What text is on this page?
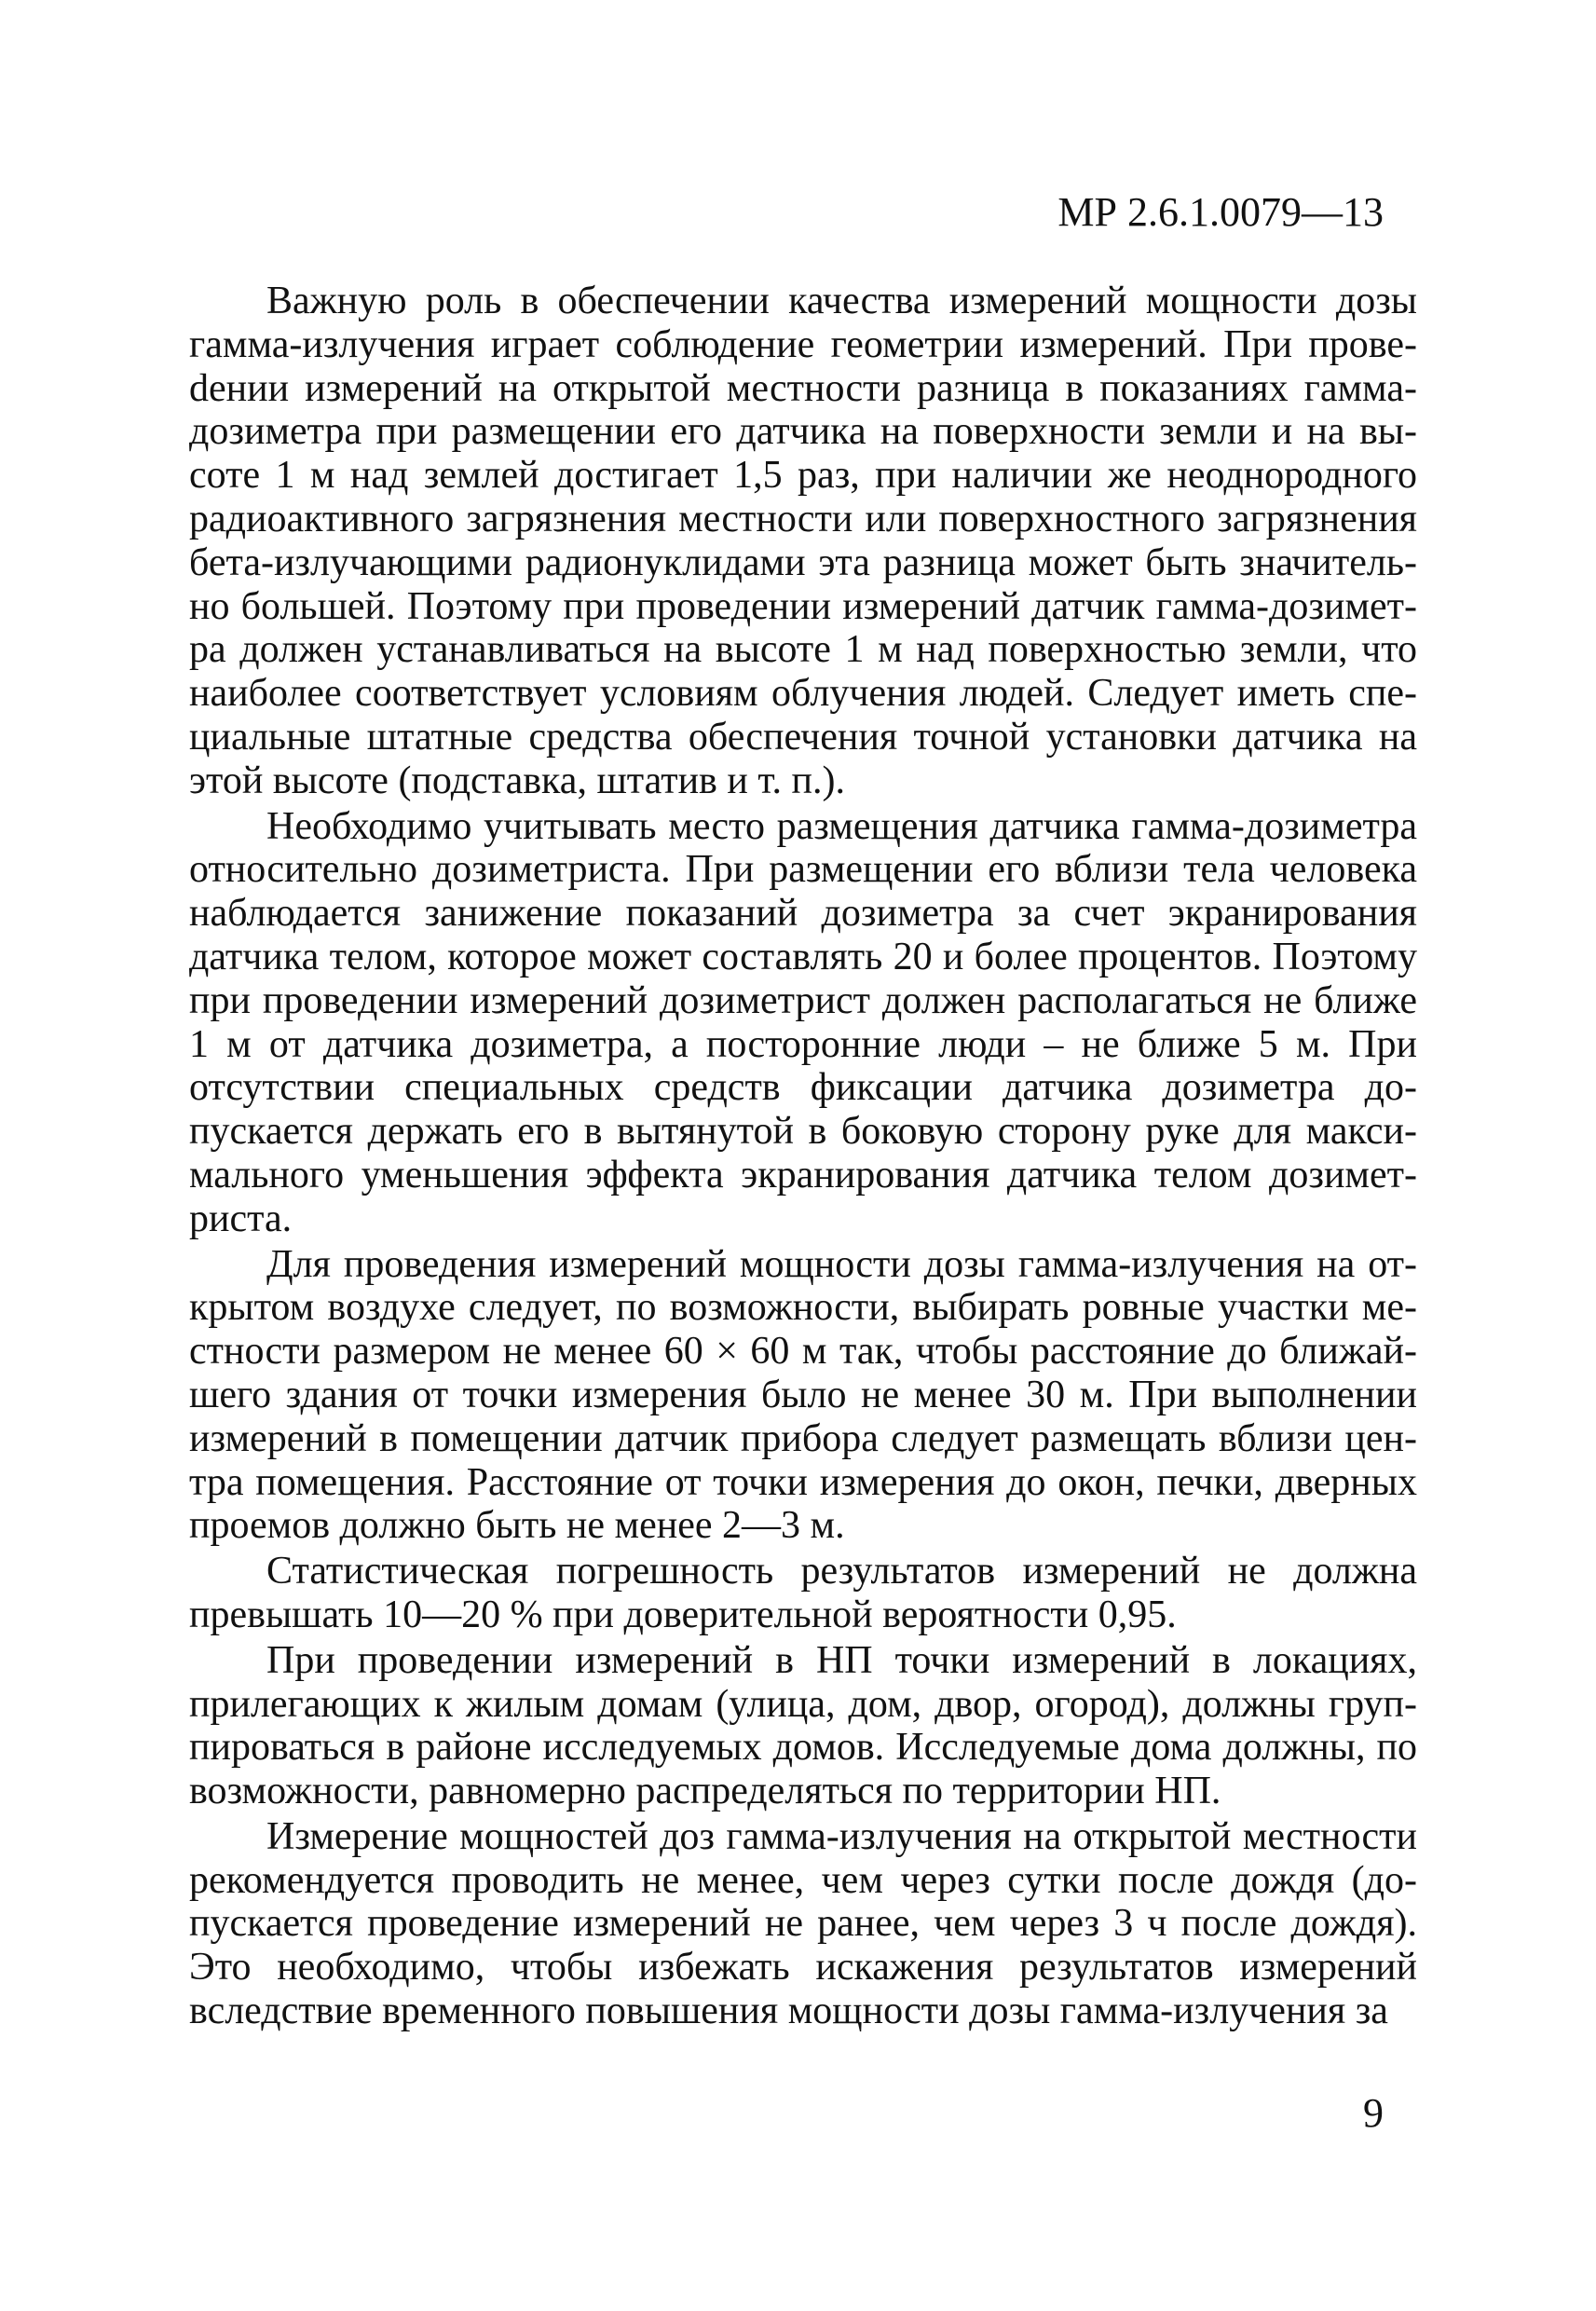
МР 2.6.1.0079—13

Важную роль в обеспечении качества измерений мощности дозы гамма-излучения играет соблюдение геометрии измерений. При провеdении измерений на открытой местности разница в показаниях гаммадозиметра при размещении его датчика на поверхности земли и на высоте 1 м над землей достигает 1,5 раз, при наличии же неоднородного радиоактивного загрязнения местности или поверхностного загрязнения бета-излучающими радионуклидами эта разница может быть значительно большей. Поэтому при проведении измерений датчик гамма-дозиметра должен устанавливаться на высоте 1 м над поверхностью земли, что наиболее соответствует условиям облучения людей. Следует иметь специальные штатные средства обеспечения точной установки датчика на этой высоте (подставка, штатив и т. п.).

Необходимо учитывать место размещения датчика гамма-дозиметра относительно дозиметриста. При размещении его вблизи тела человека наблюдается занижение показаний дозиметра за счет экранирования датчика телом, которое может составлять 20 и более процентов. Поэтому при проведении измерений дозиметрист должен располагаться не ближе 1 м от датчика дозиметра, а посторонние люди – не ближе 5 м. При отсутствии специальных средств фиксации датчика дозиметра допускается держать его в вытянутой в боковую сторону руке для максимального уменьшения эффекта экранирования датчика телом дозиметриста.

Для проведения измерений мощности дозы гамма-излучения на открытом воздухе следует, по возможности, выбирать ровные участки местности размером не менее 60 × 60 м так, чтобы расстояние до ближайшего здания от точки измерения было не менее 30 м. При выполнении измерений в помещении датчик прибора следует размещать вблизи центра помещения. Расстояние от точки измерения до окон, печки, дверных проемов должно быть не менее 2—3 м.

Статистическая погрешность результатов измерений не должна превышать 10—20 % при доверительной вероятности 0,95.

При проведении измерений в НП точки измерений в локациях, прилегающих к жилым домам (улица, дом, двор, огород), должны группироваться в районе исследуемых домов. Исследуемые дома должны, по возможности, равномерно распределяться по территории НП.

Измерение мощностей доз гамма-излучения на открытой местности рекомендуется проводить не менее, чем через сутки после дождя (допускается проведение измерений не ранее, чем через 3 ч после дождя). Это необходимо, чтобы избежать искажения результатов измерений вследствие временного повышения мощности дозы гамма-излучения за

9
